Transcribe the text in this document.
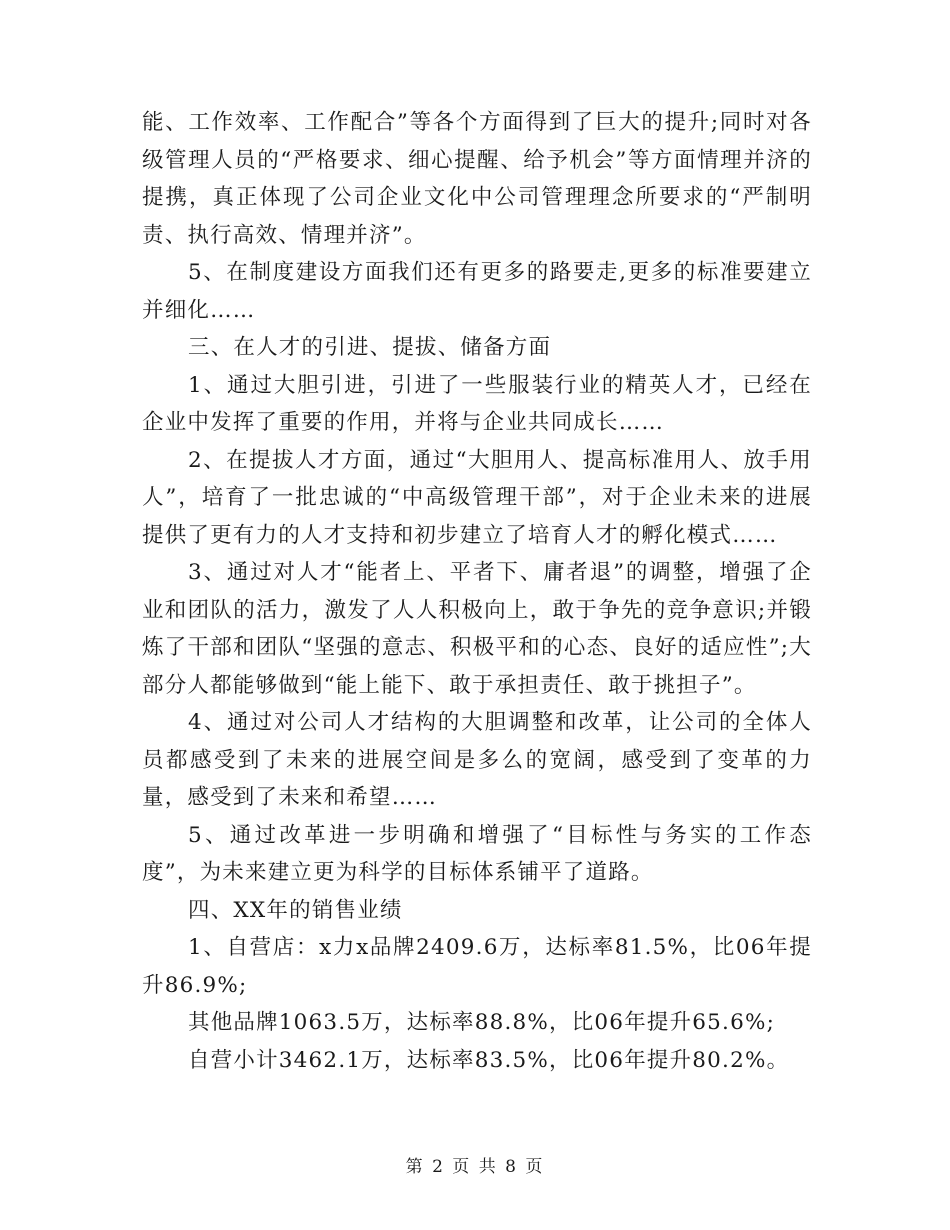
能、工作效率、工作配合”等各个方面得到了巨大的提升;同时对各级管理人员的“严格要求、细心提醒、给予机会”等方面情理并济的提携，真正体现了公司企业文化中公司管理理念所要求的“严制明责、执行高效、情理并济”。

5、在制度建设方面我们还有更多的路要走,更多的标准要建立并细化……

三、在人才的引进、提拔、储备方面

1、通过大胆引进，引进了一些服装行业的精英人才，已经在企业中发挥了重要的作用，并将与企业共同成长……

2、在提拔人才方面，通过“大胆用人、提高标准用人、放手用人”，培育了一批忠诚的“中高级管理干部”，对于企业未来的进展提供了更有力的人才支持和初步建立了培育人才的孵化模式……

3、通过对人才“能者上、平者下、庸者退”的调整，增强了企业和团队的活力，激发了人人积极向上，敢于争先的竞争意识;并锻炼了干部和团队“坚强的意志、积极平和的心态、良好的适应性”;大部分人都能够做到“能上能下、敢于承担责任、敢于挑担子”。

4、通过对公司人才结构的大胆调整和改革，让公司的全体人员都感受到了未来的进展空间是多么的宽阔，感受到了变革的力量，感受到了未来和希望……

5、通过改革进一步明确和增强了“目标性与务实的工作态度”，为未来建立更为科学的目标体系铺平了道路。

四、XX年的销售业绩

1、自营店：x力x品牌2409.6万，达标率81.5%，比06年提升86.9%;

其他品牌1063.5万，达标率88.8%，比06年提升65.6%;

自营小计3462.1万，达标率83.5%，比06年提升80.2%。

第 2 页 共 8 页
